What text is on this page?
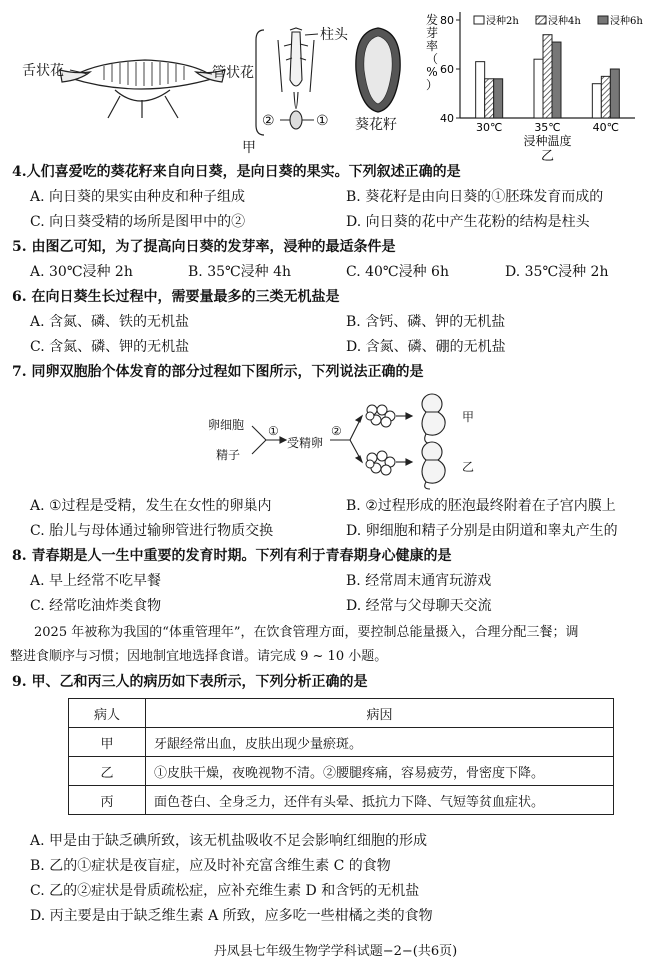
舌状花	管状花
柱头
②	① 葵花籽
甲
40
60
80
发
芽
率
（
%
）
30℃	35℃	40℃
浸种温度
乙
浸种2h	浸种4h	浸种6h
4.人们喜爱吃的葵花籽来自向日葵，是向日葵的果实。下列叙述正确的是
A. 向日葵的果实由种皮和种子组成	B. 葵花籽是由向日葵的①胚珠发育而成的
C. 向日葵受精的场所是图甲中的②	D. 向日葵的花中产生花粉的结构是柱头
5. 由图乙可知，为了提高向日葵的发芽率，浸种的最适条件是
A. 30℃浸种 2h	B. 35℃浸种 4h	C. 40℃浸种 6h	D. 35℃浸种 2h
6. 在向日葵生长过程中，需要量最多的三类无机盐是
A. 含氮、磷、铁的无机盐	B. 含钙、磷、钾的无机盐
C. 含氮、磷、钾的无机盐	D. 含氮、磷、硼的无机盐
7. 同卵双胞胎个体发育的部分过程如下图所示，下列说法正确的是
卵细胞
精子
①
受精卵
②
甲
乙
A. ①过程是受精，发生在女性的卵巢内	B. ②过程形成的胚泡最终附着在子宫内膜上
C. 胎儿与母体通过输卵管进行物质交换	D. 卵细胞和精子分别是由阴道和睾丸产生的
8. 青春期是人一生中重要的发育时期。下列有利于青春期身心健康的是
A. 早上经常不吃早餐	B. 经常周末通宵玩游戏
C. 经常吃油炸类食物	D. 经常与父母聊天交流
2025 年被称为我国的“体重管理年”，在饮食管理方面，要控制总能量摄入，合理分配三餐；调
整进食顺序与习惯；因地制宜地选择食谱。请完成 9 ~ 10 小题。
9. 甲、乙和丙三人的病历如下表所示，下列分析正确的是
病人	病因
甲	牙龈经常出血，皮肤出现少量瘀斑。
乙	①皮肤干燥，夜晚视物不清。②腰腿疼痛，容易疲劳，骨密度下降。
丙	面色苍白、全身乏力，还伴有头晕、抵抗力下降、气短等贫血症状。
A. 甲是由于缺乏碘所致，该无机盐吸收不足会影响红细胞的形成
B. 乙的①症状是夜盲症，应及时补充富含维生素 C 的食物
C. 乙的②症状是骨质疏松症，应补充维生素 D 和含钙的无机盐
D. 丙主要是由于缺乏维生素 A 所致，应多吃一些柑橘之类的食物
丹凤县七年级生物学学科试题−2−(共6页)
